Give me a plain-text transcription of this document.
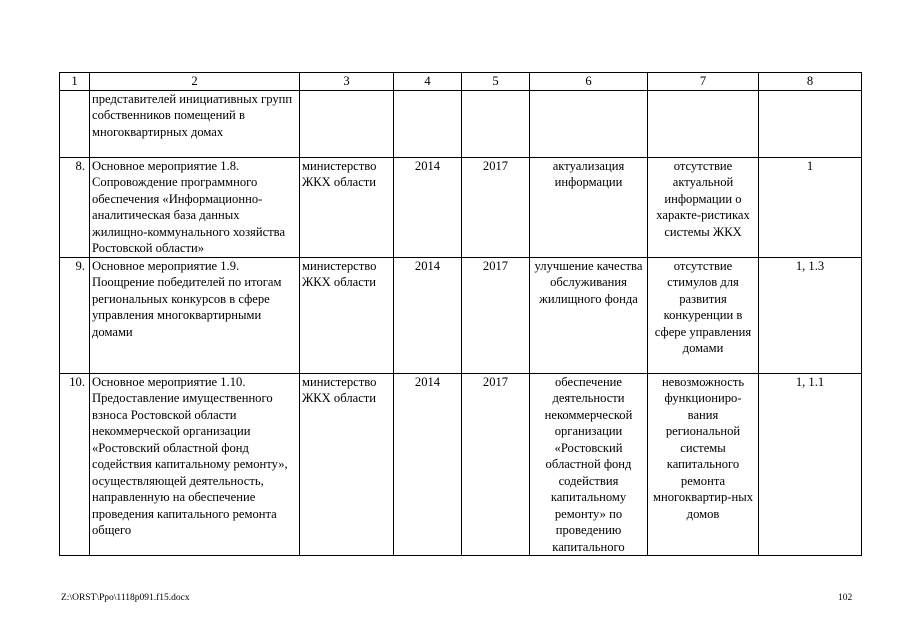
1	2	3	4	5	6	7	8
	представителей инициативных групп собственников помещений в многоквартирных домах						
8.	Основное мероприятие 1.8. Сопровождение программного обеспечения «Информационно-аналитическая база данных жилищно-коммунального хозяйства Ростовской области»	министерство ЖКХ области	2014	2017	актуализация информации	отсутствие актуальной информации о характе-ристиках системы ЖКХ	1
9.	Основное мероприятие 1.9. Поощрение победителей по итогам региональных конкурсов в сфере управления многоквартирными домами	министерство ЖКХ области	2014	2017	улучшение качества обслуживания жилищного фонда	отсутствие стимулов для развития конкуренции в сфере управления домами	1, 1.3
10.	Основное мероприятие 1.10. Предоставление имущественного взноса Ростовской области некоммерческой организации «Ростовский областной фонд содействия капитальному ремонту», осуществляющей деятельность, направленную на обеспечение проведения капитального ремонта общего	министерство ЖКХ области	2014	2017	обеспечение деятельности некоммерческой организации «Ростовский областной фонд содействия капитальному ремонту» по проведению капитального	невозможность функциониро-вания региональной системы капитального ремонта многоквартир-ных домов	1, 1.1
Z:\ORST\Ppo\1118p091.f15.docx	102
